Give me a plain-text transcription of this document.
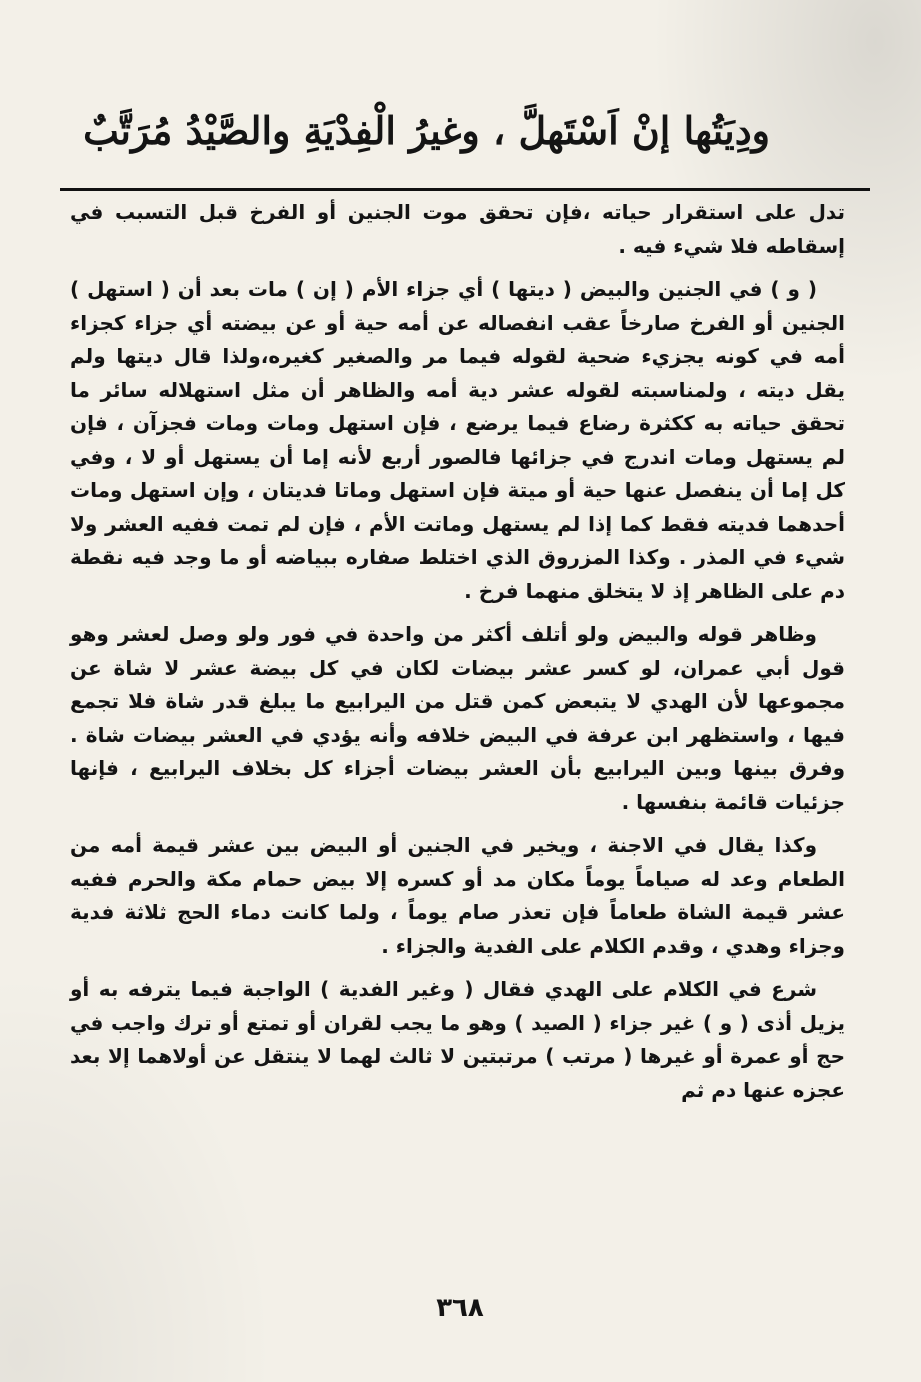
ودِيَتُها إنْ اَسْتَهلَّ ، وغيرُ الْفِدْيَةِ والصَّيْدُ مُرَتَّبٌ

تدل على استقرار حياته ،فإن تحقق موت الجنين أو الفرخ قبل التسبب في إسقاطه فلا شيء فيه .

( و ) في الجنين والبيض ( ديتها ) أي جزاء الأم ( إن ) مات بعد أن ( استهل ) الجنين أو الفرخ صارخاً عقب انفصاله عن أمه حية أو عن بيضته أي جزاء كجزاء أمه في كونه يجزيء ضحية لقوله فيما مر والصغير كغيره،ولذا قال ديتها ولم يقل ديته ، ولمناسبته لقوله عشر دية أمه والظاهر أن مثل استهلاله سائر ما تحقق حياته به ككثرة رضاع فيما يرضع ، فإن استهل ومات ومات فجزآن ، فإن لم يستهل ومات اندرج في جزائها فالصور أربع لأنه إما أن يستهل أو لا ، وفي كل إما أن ينفصل عنها حية أو ميتة فإن استهل وماتا فديتان ، وإن استهل ومات أحدهما فديته فقط كما إذا لم يستهل وماتت الأم ، فإن لم تمت ففيه العشر ولا شيء في المذر . وكذا المزروق الذي اختلط صفاره ببياضه أو ما وجد فيه نقطة دم على الظاهر إذ لا يتخلق منهما فرخ .

وظاهر قوله والبيض ولو أتلف أكثر من واحدة في فور ولو وصل لعشر وهو قول أبي عمران، لو كسر عشر بيضات لكان في كل بيضة عشر لا شاة عن مجموعها لأن الهدي لا يتبعض كمن قتل من اليرابيع ما يبلغ قدر شاة فلا تجمع فيها ، واستظهر ابن عرفة في البيض خلافه وأنه يؤدي في العشر بيضات شاة . وفرق بينها وبين اليرابيع بأن العشر بيضات أجزاء كل بخلاف اليرابيع ، فإنها جزئيات قائمة بنفسها .

وكذا يقال في الاجنة ، ويخير في الجنين أو البيض بين عشر قيمة أمه من الطعام وعد له صياماً يوماً مكان مد أو كسره إلا بيض حمام مكة والحرم ففيه عشر قيمة الشاة طعاماً فإن تعذر صام يوماً ، ولما كانت دماء الحج ثلاثة فدية وجزاء وهدي ، وقدم الكلام على الفدية والجزاء .

شرع في الكلام على الهدي فقال ( وغير الفدية ) الواجبة فيما يترفه به أو يزيل أذى ( و ) غير جزاء ( الصيد ) وهو ما يجب لقران أو تمتع أو ترك واجب في حج أو عمرة أو غيرها ( مرتب ) مرتبتين لا ثالث لهما لا ينتقل عن أولاهما إلا بعد عجزه عنها دم ثم

٣٦٨
